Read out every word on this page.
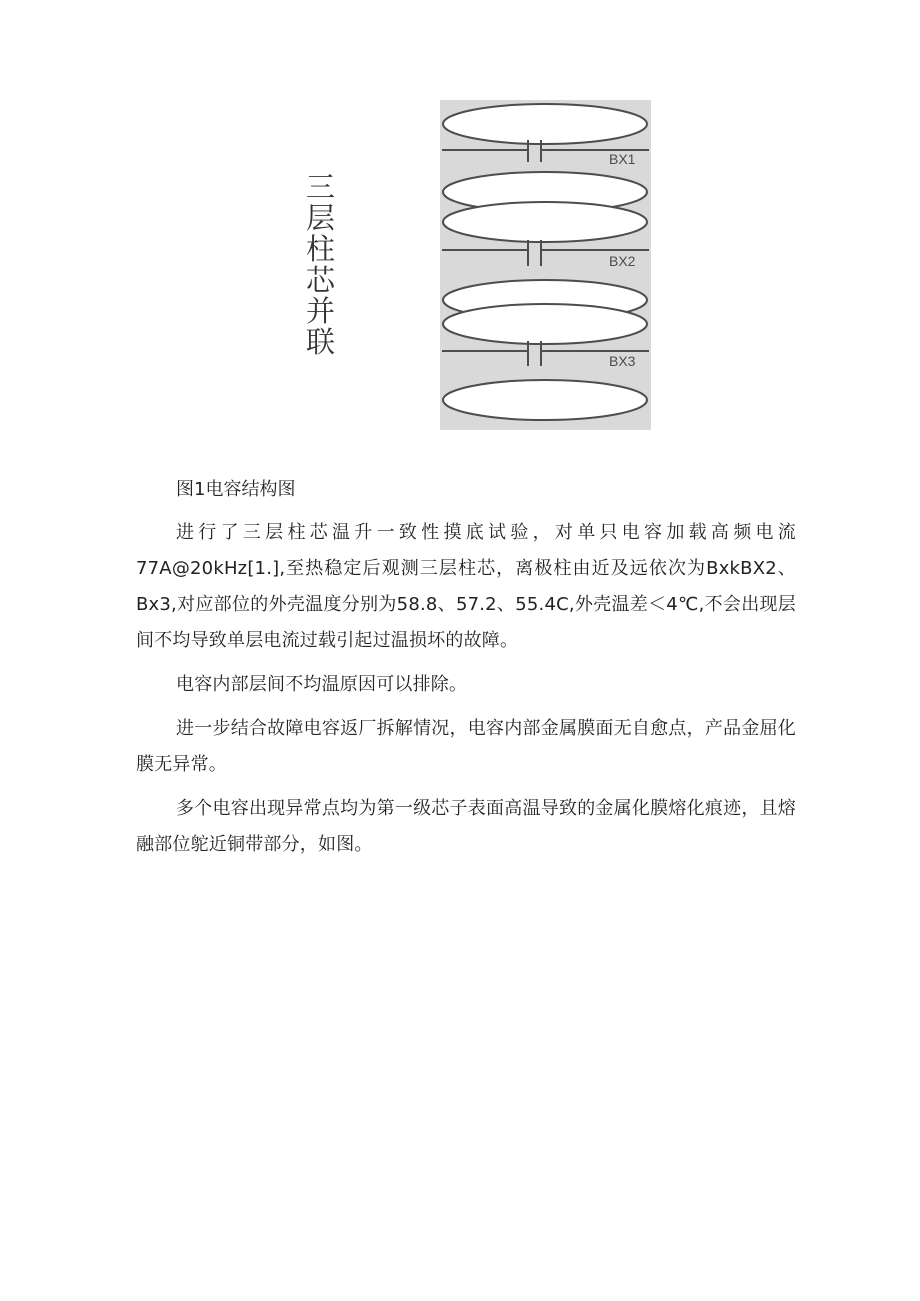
三层柱芯并联
BX1
BX2
BX3
图1电容结构图

进行了三层柱芯温升一致性摸底试验，对单只电容加载高频电流77A@20kHz[1.],至热稳定后观测三层柱芯，离极柱由近及远依次为BxkBX2、Bx3,对应部位的外壳温度分别为58.8、57.2、55.4C,外壳温差＜4℃,不会出现层间不均导致单层电流过载引起过温损坏的故障。

电容内部层间不均温原因可以排除。

进一步结合故障电容返厂拆解情况，电容内部金属膜面无自愈点，产品金屈化膜无异常。

多个电容出现异常点均为第一级芯子表面高温导致的金属化膜熔化痕迹，且熔融部位鸵近铜带部分，如图。
